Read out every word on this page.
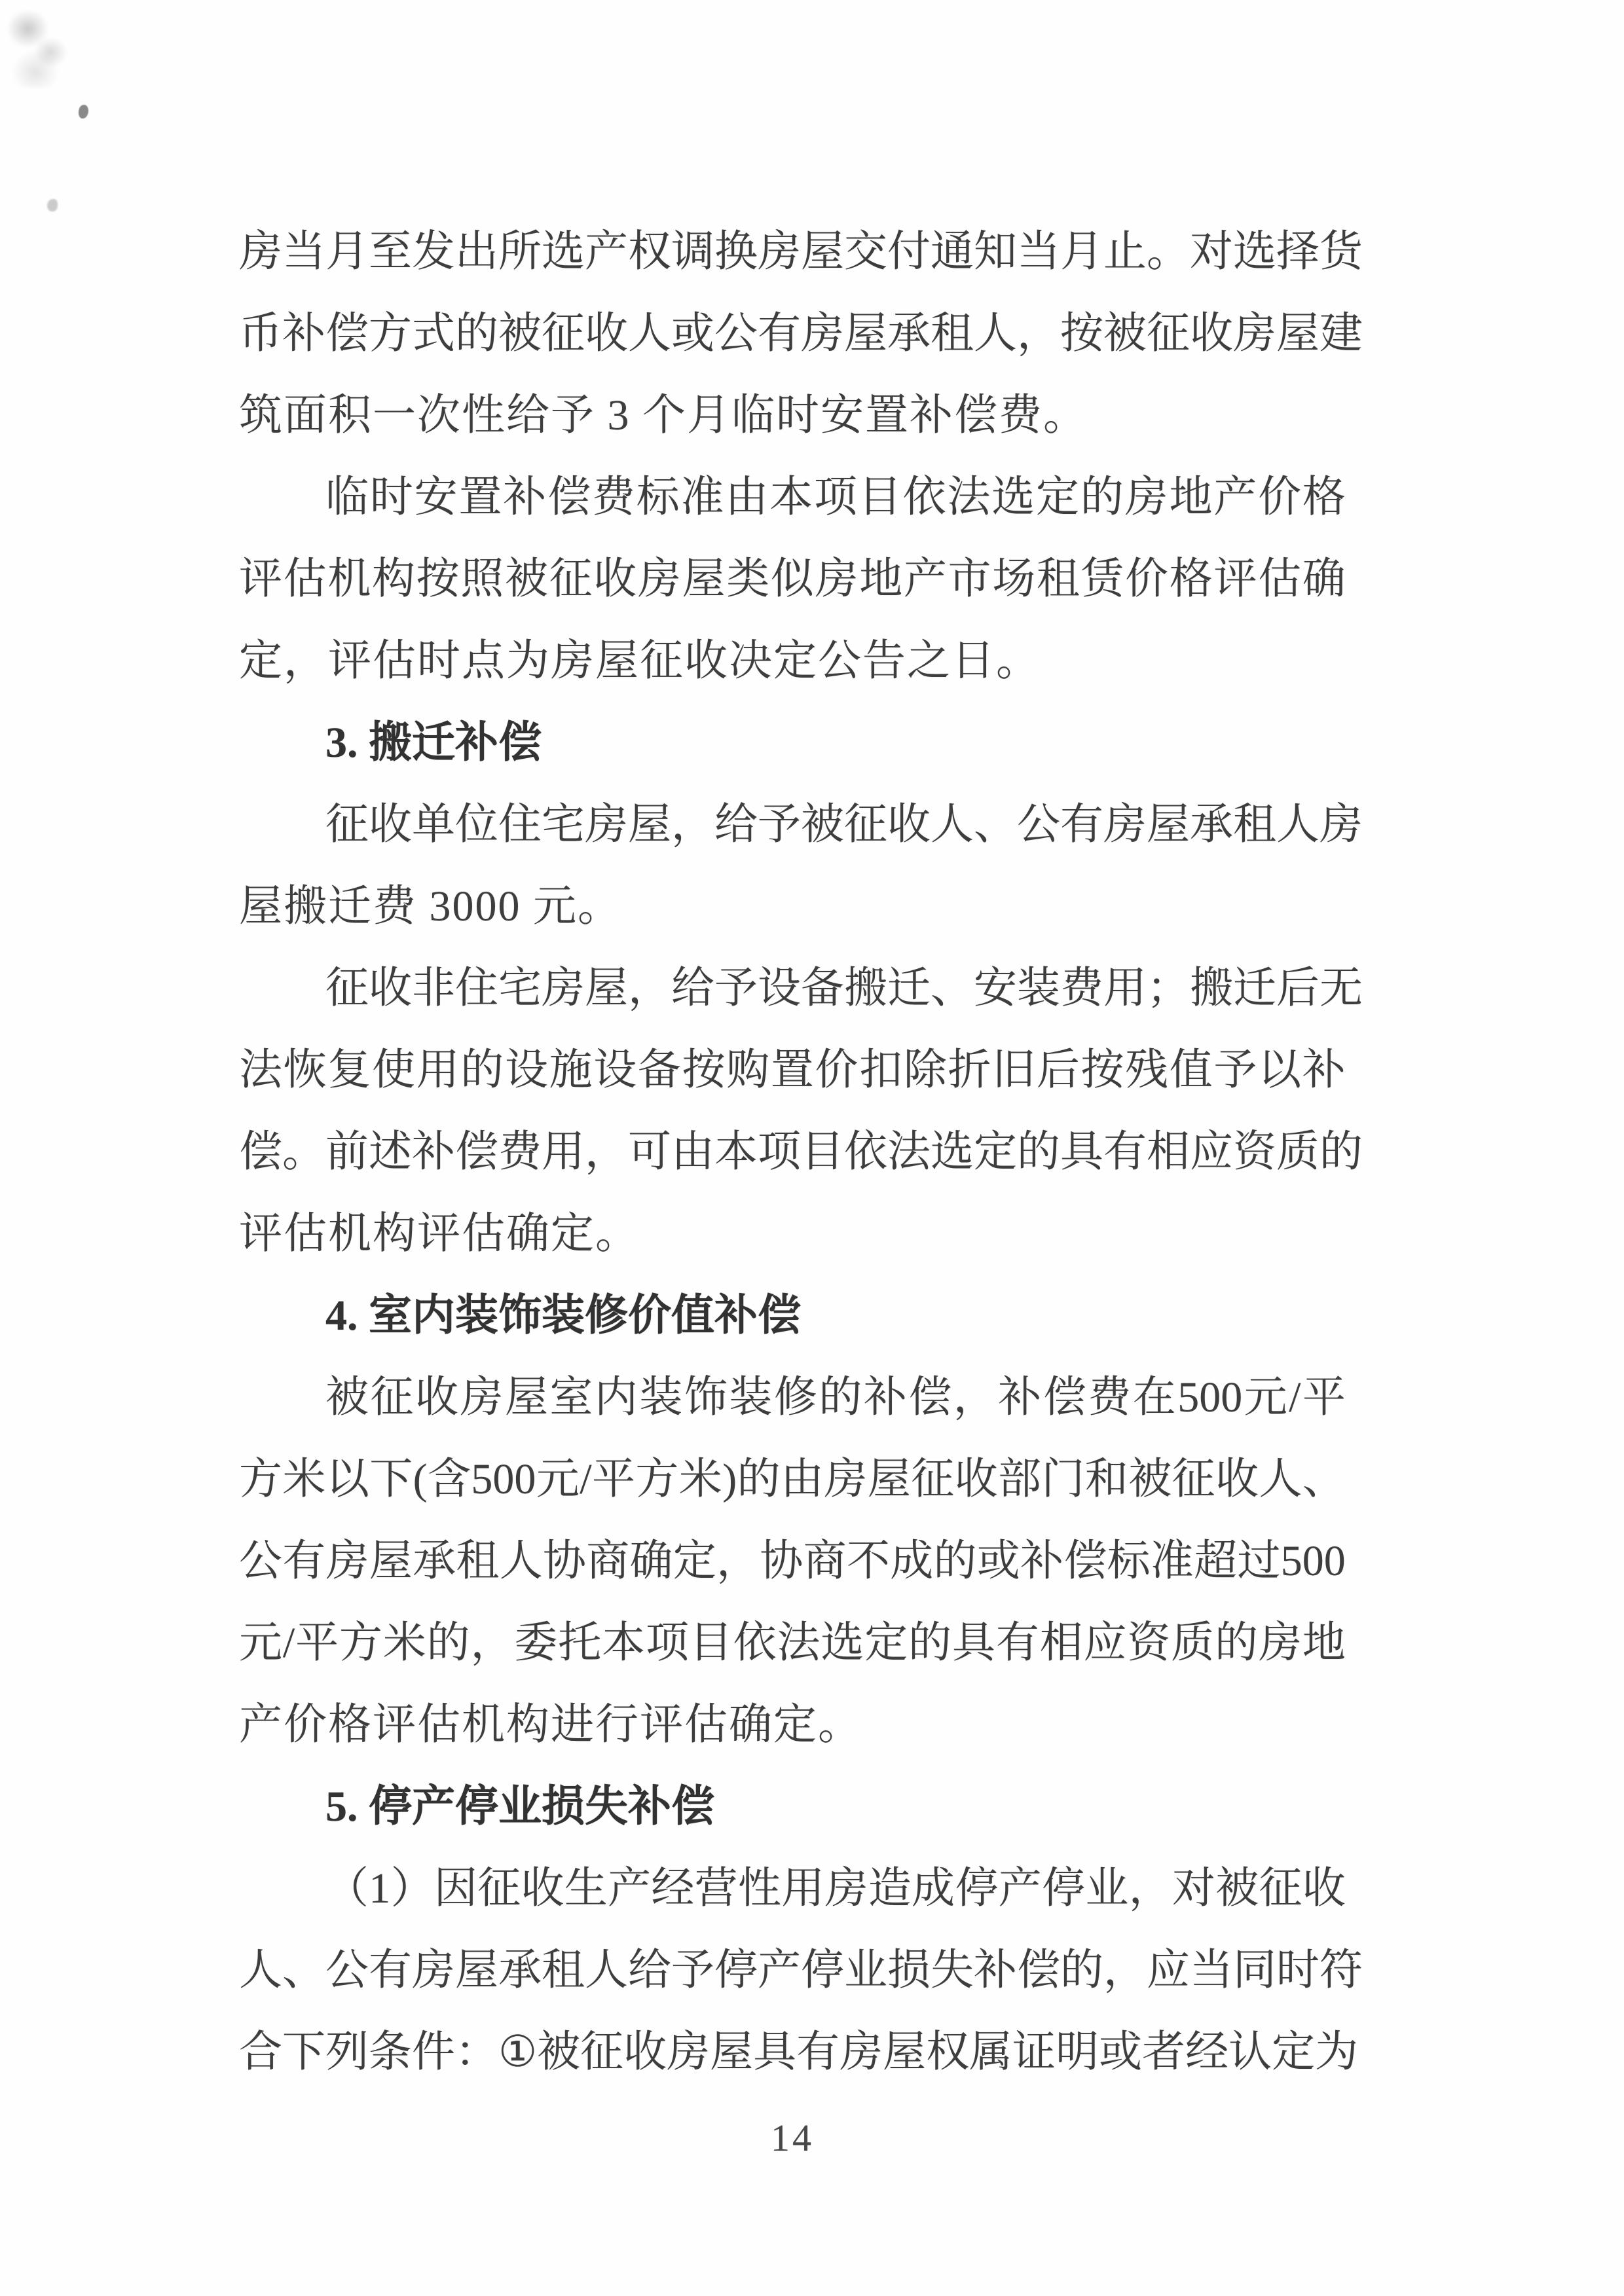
房 当 月 至 发 出 所 选 产 权 调 换 房 屋 交 付 通 知 当 月 止 。 对 选 择 货
币 补 偿 方 式 的 被 征 收 人 或 公 有 房 屋 承 租 人 ， 按 被 征 收 房 屋 建
筑面积一次性给予 3 个月临时安置补偿费。
临 时 安 置 补 偿 费 标 准 由 本 项 目 依 法 选 定 的 房 地 产 价 格
评 估 机 构 按 照 被 征 收 房 屋 类 似 房 地 产 市 场 租 赁 价 格 评 估 确
定，评估时点为房屋征收决定公告之日。
3. 搬迁补偿
征 收 单 位 住 宅 房 屋 ， 给 予 被 征 收 人 、 公 有 房 屋 承 租 人 房
屋搬迁费 3000 元。
征 收 非 住 宅 房 屋 ， 给 予 设 备 搬 迁 、 安 装 费 用 ； 搬 迁 后 无
法 恢 复 使 用 的 设 施 设 备 按 购 置 价 扣 除 折 旧 后 按 残 值 予 以 补
偿 。 前 述 补 偿 费 用 ， 可 由 本 项 目 依 法 选 定 的 具 有 相 应 资 质 的
评估机构评估确定。
4. 室内装饰装修价值补偿
被 征 收 房 屋 室 内 装 饰 装 修 的 补 偿 ， 补 偿 费 在 500 元 / 平
方 米 以 下 ( 含 500 元 / 平 方 米 ) 的 由 房 屋 征 收 部 门 和 被 征 收 人 、
公 有 房 屋 承 租 人 协 商 确 定 ， 协 商 不 成 的 或 补 偿 标 准 超 过 500
元 / 平 方 米 的 ， 委 托 本 项 目 依 法 选 定 的 具 有 相 应 资 质 的 房 地
产价格评估机构进行评估确定。
5. 停产停业损失补偿
（ 1 ） 因 征 收 生 产 经 营 性 用 房 造 成 停 产 停 业 ， 对 被 征 收
人 、 公 有 房 屋 承 租 人 给 予 停 产 停 业 损 失 补 偿 的 ， 应 当 同 时 符
合 下 列 条 件 ： ① 被 征 收 房 屋 具 有 房 屋 权 属 证 明 或 者 经 认 定 为
14
